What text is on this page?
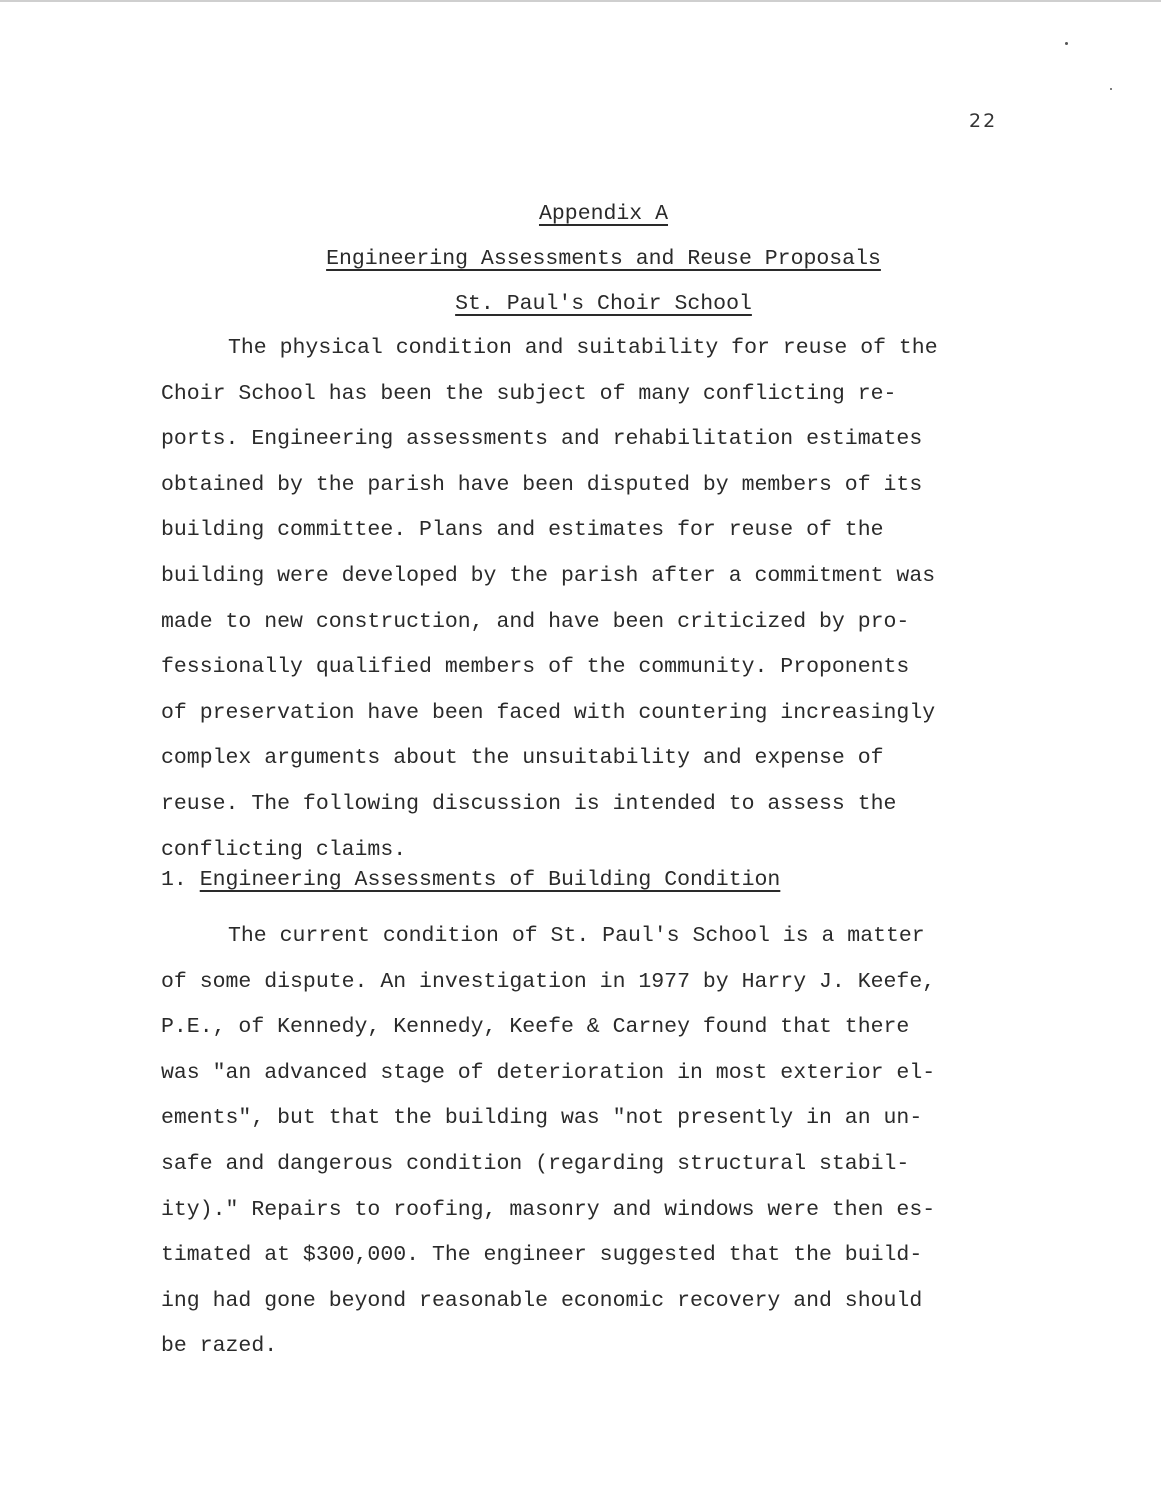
22
Appendix A
Engineering Assessments and Reuse Proposals
St. Paul's Choir School
The physical condition and suitability for reuse of the
Choir School has been the subject of many conflicting re-
ports. Engineering assessments and rehabilitation estimates
obtained by the parish have been disputed by members of its
building committee. Plans and estimates for reuse of the
building were developed by the parish after a commitment was
made to new construction, and have been criticized by pro-
fessionally qualified members of the community. Proponents
of preservation have been faced with countering increasingly
complex arguments about the unsuitability and expense of
reuse. The following discussion is intended to assess the
conflicting claims.
1. Engineering Assessments of Building Condition
The current condition of St. Paul's School is a matter
of some dispute. An investigation in 1977 by Harry J. Keefe,
P.E., of Kennedy, Kennedy, Keefe & Carney found that there
was "an advanced stage of deterioration in most exterior el-
ements", but that the building was "not presently in an un-
safe and dangerous condition (regarding structural stabil-
ity)." Repairs to roofing, masonry and windows were then es-
timated at $300,000. The engineer suggested that the build-
ing had gone beyond reasonable economic recovery and should
be razed.
